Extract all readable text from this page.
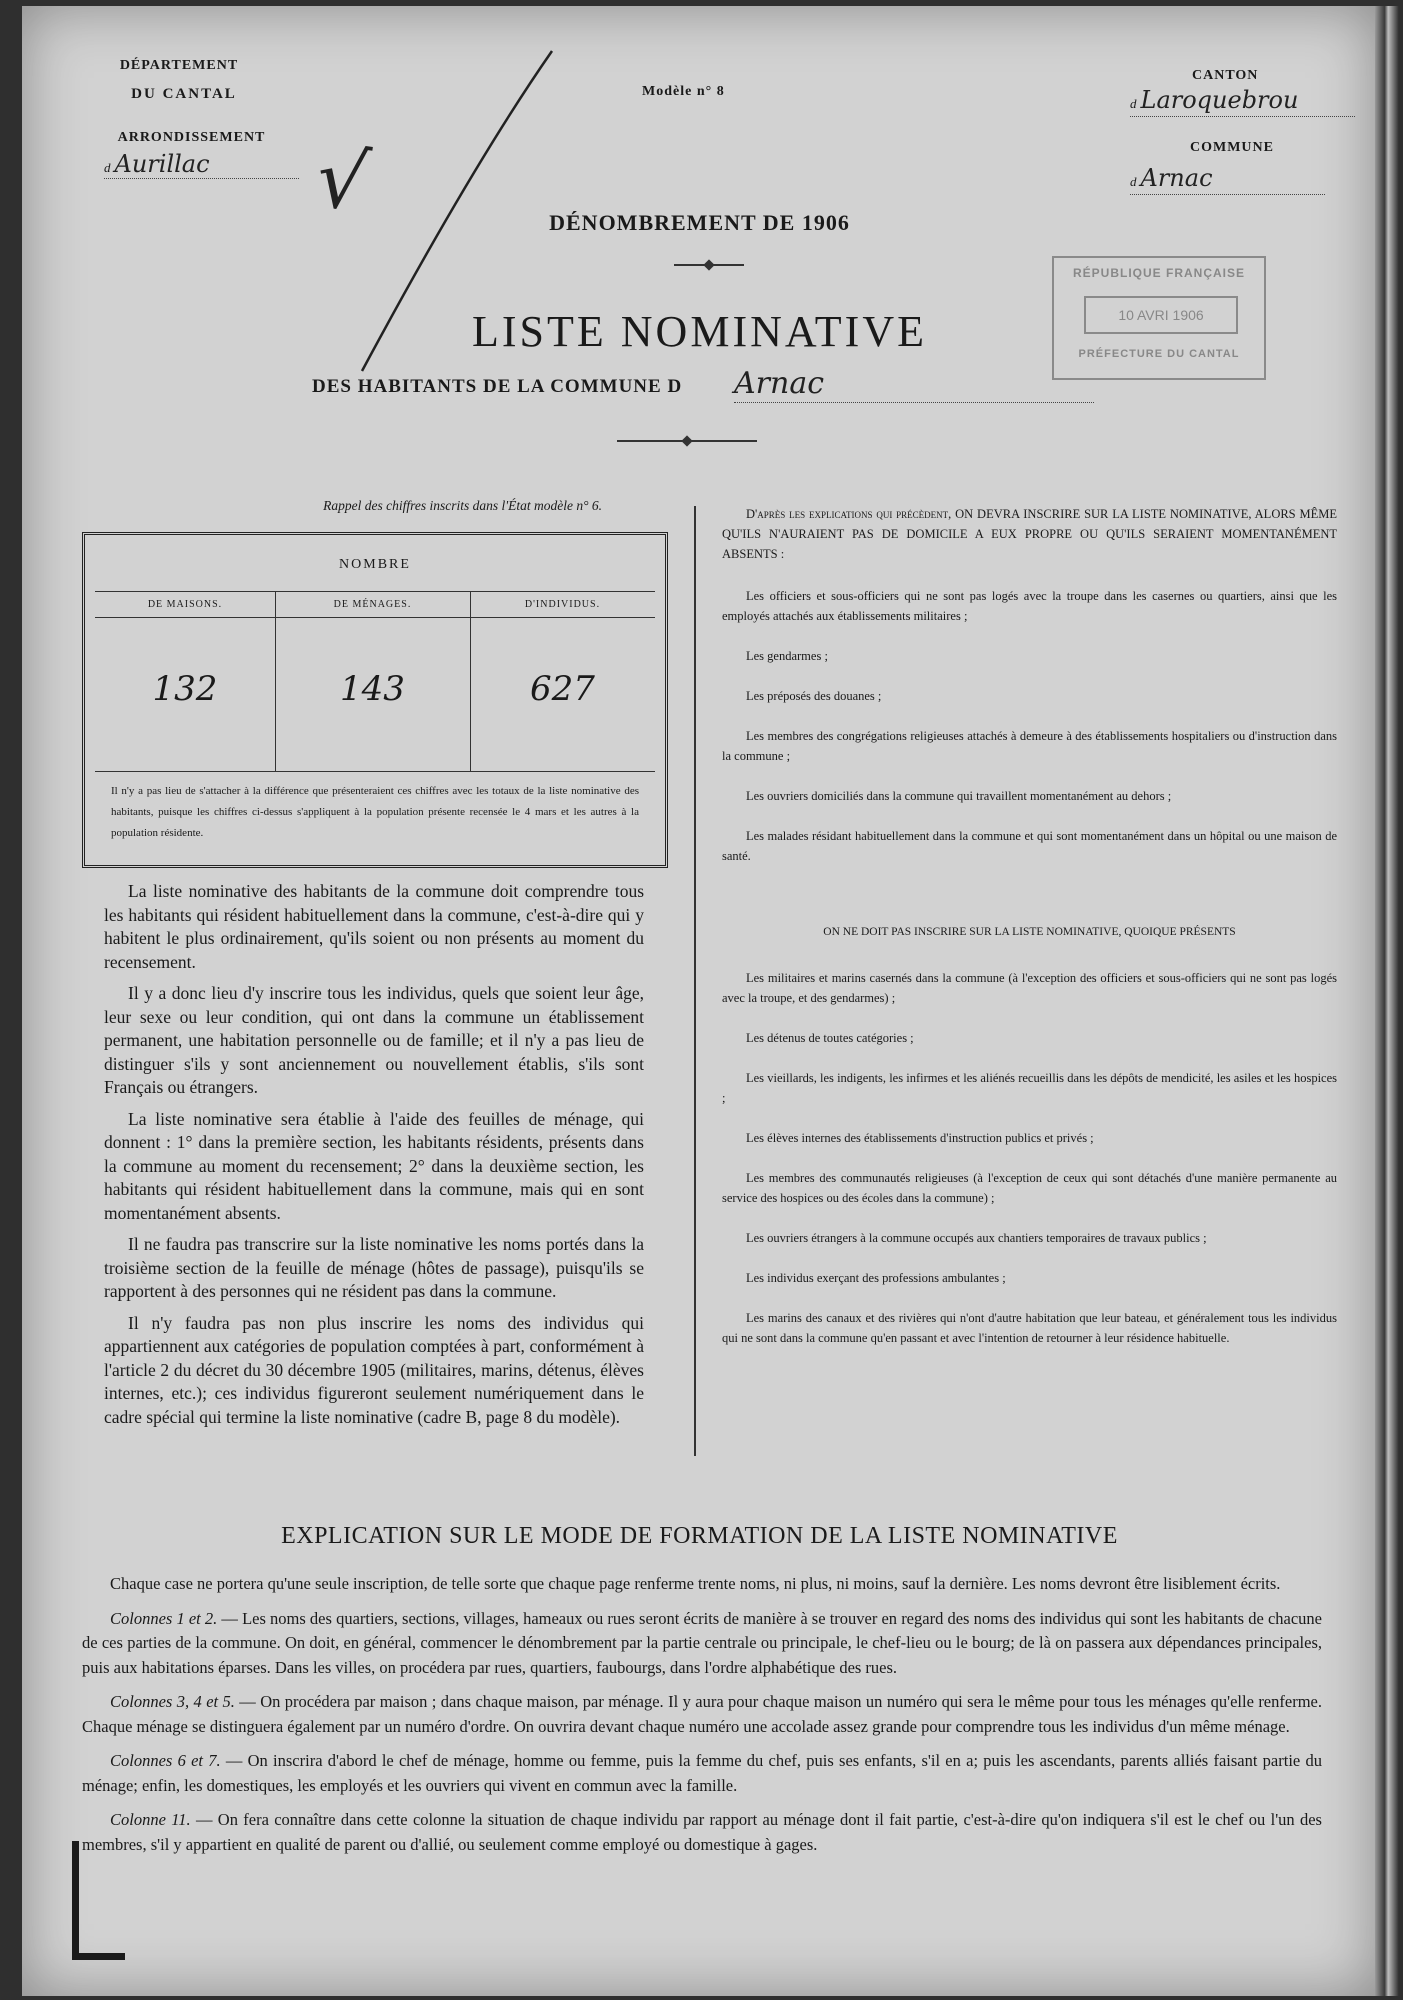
DÉPARTEMENT
DU CANTAL
ARRONDISSEMENT
d Aurillac	√
Modèle n° 8
CANTON
d Laroquebrou
COMMUNE
d Arnac
DÉNOMBREMENT DE 1906
RÉPUBLIQUE FRANÇAISE
10 AVRI 1906
PRÉFECTURE DU CANTAL
LISTE NOMINATIVE
DES HABITANTS DE LA COMMUNE D Arnac
Rappel des chiffres inscrits dans l'État modèle n° 6.
NOMBRE
DE MAISONS.	DE MÉNAGES.	D'INDIVIDUS.
132	143	627
Il n'y a pas lieu de s'attacher à la différence que présenteraient ces chiffres avec les totaux de la liste nominative des habitants, puisque les chiffres ci-dessus s'appliquent à la population présente recensée le 4 mars et les autres à la population résidente.

La liste nominative des habitants de la commune doit comprendre tous les habitants qui résident habituellement dans la commune, c'est-à-dire qui y habitent le plus ordinairement, qu'ils soient ou non présents au moment du recensement.

Il y a donc lieu d'y inscrire tous les individus, quels que soient leur âge, leur sexe ou leur condition, qui ont dans la commune un établissement permanent, une habitation personnelle ou de famille; et il n'y a pas lieu de distinguer s'ils y sont anciennement ou nouvellement établis, s'ils sont Français ou étrangers.

La liste nominative sera établie à l'aide des feuilles de ménage, qui donnent : 1° dans la première section, les habitants résidents, présents dans la commune au moment du recensement; 2° dans la deuxième section, les habitants qui résident habituellement dans la commune, mais qui en sont momentanément absents.

Il ne faudra pas transcrire sur la liste nominative les noms portés dans la troisième section de la feuille de ménage (hôtes de passage), puisqu'ils se rapportent à des personnes qui ne résident pas dans la commune.

Il n'y faudra pas non plus inscrire les noms des individus qui appartiennent aux catégories de population comptées à part, conformément à l'article 2 du décret du 30 décembre 1905 (militaires, marins, détenus, élèves internes, etc.); ces individus figureront seulement numériquement dans le cadre spécial qui termine la liste nominative (cadre B, page 8 du modèle).

D'après les explications qui précèdent, ON DEVRA INSCRIRE SUR LA LISTE NOMINATIVE, ALORS MÊME QU'ILS N'AURAIENT PAS DE DOMICILE A EUX PROPRE OU QU'ILS SERAIENT MOMENTANÉMENT ABSENTS :

Les officiers et sous-officiers qui ne sont pas logés avec la troupe dans les casernes ou quartiers, ainsi que les employés attachés aux établissements militaires ;

Les gendarmes ;

Les préposés des douanes ;

Les membres des congrégations religieuses attachés à demeure à des établissements hospitaliers ou d'instruction dans la commune ;

Les ouvriers domiciliés dans la commune qui travaillent momentanément au dehors ;

Les malades résidant habituellement dans la commune et qui sont momentanément dans un hôpital ou une maison de santé.

ON NE DOIT PAS INSCRIRE SUR LA LISTE NOMINATIVE, QUOIQUE PRÉSENTS

Les militaires et marins casernés dans la commune (à l'exception des officiers et sous-officiers qui ne sont pas logés avec la troupe, et des gendarmes) ;

Les détenus de toutes catégories ;

Les vieillards, les indigents, les infirmes et les aliénés recueillis dans les dépôts de mendicité, les asiles et les hospices ;

Les élèves internes des établissements d'instruction publics et privés ;

Les membres des communautés religieuses (à l'exception de ceux qui sont détachés d'une manière permanente au service des hospices ou des écoles dans la commune) ;

Les ouvriers étrangers à la commune occupés aux chantiers temporaires de travaux publics ;

Les individus exerçant des professions ambulantes ;

Les marins des canaux et des rivières qui n'ont d'autre habitation que leur bateau, et généralement tous les individus qui ne sont dans la commune qu'en passant et avec l'intention de retourner à leur résidence habituelle.

EXPLICATION SUR LE MODE DE FORMATION DE LA LISTE NOMINATIVE

Chaque case ne portera qu'une seule inscription, de telle sorte que chaque page renferme trente noms, ni plus, ni moins, sauf la dernière. Les noms devront être lisiblement écrits.

Colonnes 1 et 2. — Les noms des quartiers, sections, villages, hameaux ou rues seront écrits de manière à se trouver en regard des noms des individus qui sont les habitants de chacune de ces parties de la commune. On doit, en général, commencer le dénombrement par la partie centrale ou principale, le chef-lieu ou le bourg; de là on passera aux dépendances principales, puis aux habitations éparses. Dans les villes, on procédera par rues, quartiers, faubourgs, dans l'ordre alphabétique des rues.

Colonnes 3, 4 et 5. — On procédera par maison ; dans chaque maison, par ménage. Il y aura pour chaque maison un numéro qui sera le même pour tous les ménages qu'elle renferme. Chaque ménage se distinguera également par un numéro d'ordre. On ouvrira devant chaque numéro une accolade assez grande pour comprendre tous les individus d'un même ménage.

Colonnes 6 et 7. — On inscrira d'abord le chef de ménage, homme ou femme, puis la femme du chef, puis ses enfants, s'il en a; puis les ascendants, parents alliés faisant partie du ménage; enfin, les domestiques, les employés et les ouvriers qui vivent en commun avec la famille.

Colonne 11. — On fera connaître dans cette colonne la situation de chaque individu par rapport au ménage dont il fait partie, c'est-à-dire qu'on indiquera s'il est le chef ou l'un des membres, s'il y appartient en qualité de parent ou d'allié, ou seulement comme employé ou domestique à gages.
